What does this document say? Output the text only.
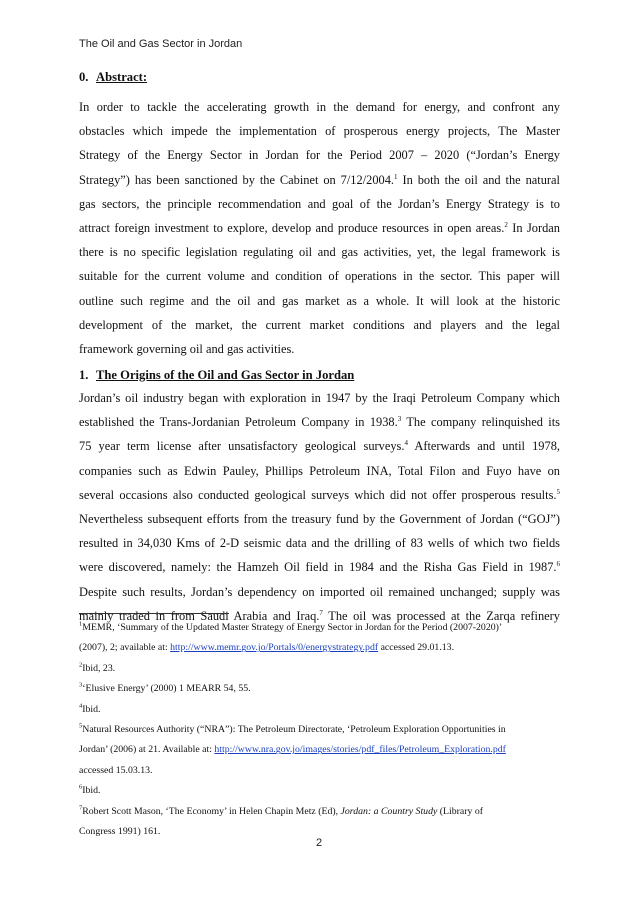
The Oil and Gas Sector in Jordan
0. Abstract:
In order to tackle the accelerating growth in the demand for energy, and confront any
obstacles which impede the implementation of prosperous energy projects, The Master
Strategy of the Energy Sector in Jordan for the Period 2007 – 2020 (“Jordan’s Energy
Strategy”) has been sanctioned by the Cabinet on 7/12/2004.$^1$ In both the oil and the natural
gas sectors, the principle recommendation and goal of the Jordan’s Energy Strategy is to
attract foreign investment to explore, develop and produce resources in open areas.$^2$ In Jordan
there is no specific legislation regulating oil and gas activities, yet, the legal framework is
suitable for the current volume and condition of operations in the sector. This paper will
outline such regime and the oil and gas market as a whole. It will look at the historic
development of the market, the current market conditions and players and the legal
framework governing oil and gas activities.
1. The Origins of the Oil and Gas Sector in Jordan
Jordan’s oil industry began with exploration in 1947 by the Iraqi Petroleum Company which
established the Trans-Jordanian Petroleum Company in 1938.$^3$ The company relinquished its
75 year term license after unsatisfactory geological surveys.$^4$ Afterwards and until 1978,
companies such as Edwin Pauley, Phillips Petroleum INA, Total Filon and Fuyo have on
several occasions also conducted geological surveys which did not offer prosperous results.$^5$
Nevertheless subsequent efforts from the treasury fund by the Government of Jordan (“GOJ”)
resulted in 34,030 Kms of 2-D seismic data and the drilling of 83 wells of which two fields
were discovered, namely: the Hamzeh Oil field in 1984 and the Risha Gas Field in 1987.$^6$
Despite such results, Jordan’s dependency on imported oil remained unchanged; supply was
mainly traded in from Saudi Arabia and Iraq.$^7$ The oil was processed at the Zarqa refinery
$^1$MEMR, ‘Summary of the Updated Master Strategy of Energy Sector in Jordan for the Period (2007-2020)’
(2007), 2; available at: http://www.memr.gov.jo/Portals/0/energystrategy.pdf accessed 29.01.13.
$^2$Ibid, 23.
$^3$‘Elusive Energy’ (2000) 1 MEARR 54, 55.
$^4$Ibid.
$^5$Natural Resources Authority (“NRA”): The Petroleum Directorate, ‘Petroleum Exploration Opportunities in
Jordan’ (2006) at 21. Available at: http://www.nra.gov.jo/images/stories/pdf_files/Petroleum_Exploration.pdf
accessed 15.03.13.
$^6$Ibid.
$^7$Robert Scott Mason, ‘The Economy’ in Helen Chapin Metz (Ed), Jordan: a Country Study (Library of
Congress 1991) 161.
2
